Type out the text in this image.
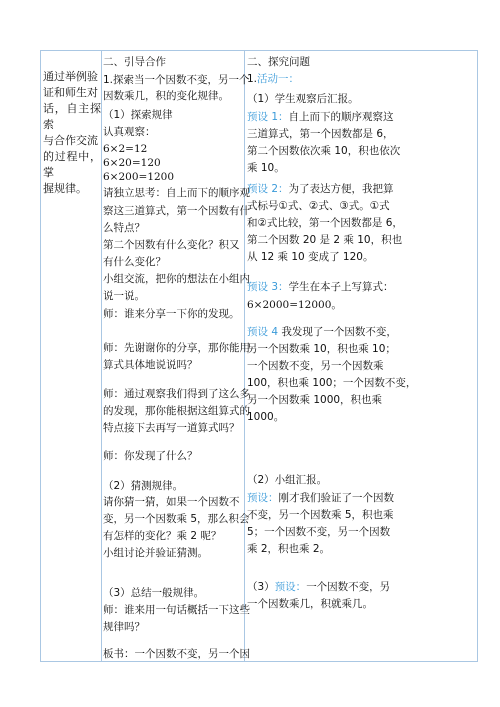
通过举例验
证和师生对
话，自主探索
与合作交流
的过程中，掌
握规律。
二、引导合作
1.探索当一个因数不变，另一个
因数乘几，积的变化规律。
（1）探索规律
认真观察：
6×2=12
6×20=120
6×200=1200
请独立思考：自上而下的顺序观
察这三道算式，第一个因数有什
么特点？
第二个因数有什么变化？积又
有什么变化？
小组交流，把你的想法在小组内
说一说。
师：谁来分享一下你的发现。
师：先谢谢你的分享，那你能用
算式具体地说说吗？
师：通过观察我们得到了这么多
的发现，那你能根据这组算式的
特点接下去再写一道算式吗？
师：你发现了什么？
（2）猜测规律。
请你猜一猜，如果一个因数不
变，另一个因数乘 5，那么积会
有怎样的变化？乘 2 呢？
小组讨论并验证猜测。
（3）总结一般规律。
师：谁来用一句话概括一下这些
规律吗？
板书：一个因数不变，另一个因
二、探究问题
1.活动一：
（1）学生观察后汇报。
预设 1：自上而下的顺序观察这
三道算式，第一个因数都是 6，
第二个因数依次乘 10，积也依次
乘 10。
预设 2：为了表达方便，我把算
式标号①式、②式、③式。①式
和②式比较，第一个因数都是 6，
第二个因数 20 是 2 乘 10，积也
从 12 乘 10 变成了 120。
预设 3：学生在本子上写算式：
6×2000=12000。
预设 4 我发现了一个因数不变，
另一个因数乘 10，积也乘 10；
一个因数不变，另一个因数乘
100，积也乘 100；一个因数不变，
另一个因数乘 1000，积也乘
1000。
（2）小组汇报。
预设：刚才我们验证了一个因数
不变，另一个因数乘 5，积也乘
5；一个因数不变，另一个因数
乘 2，积也乘 2。
（3）预设：一个因数不变，另
一个因数乘几，积就乘几。
